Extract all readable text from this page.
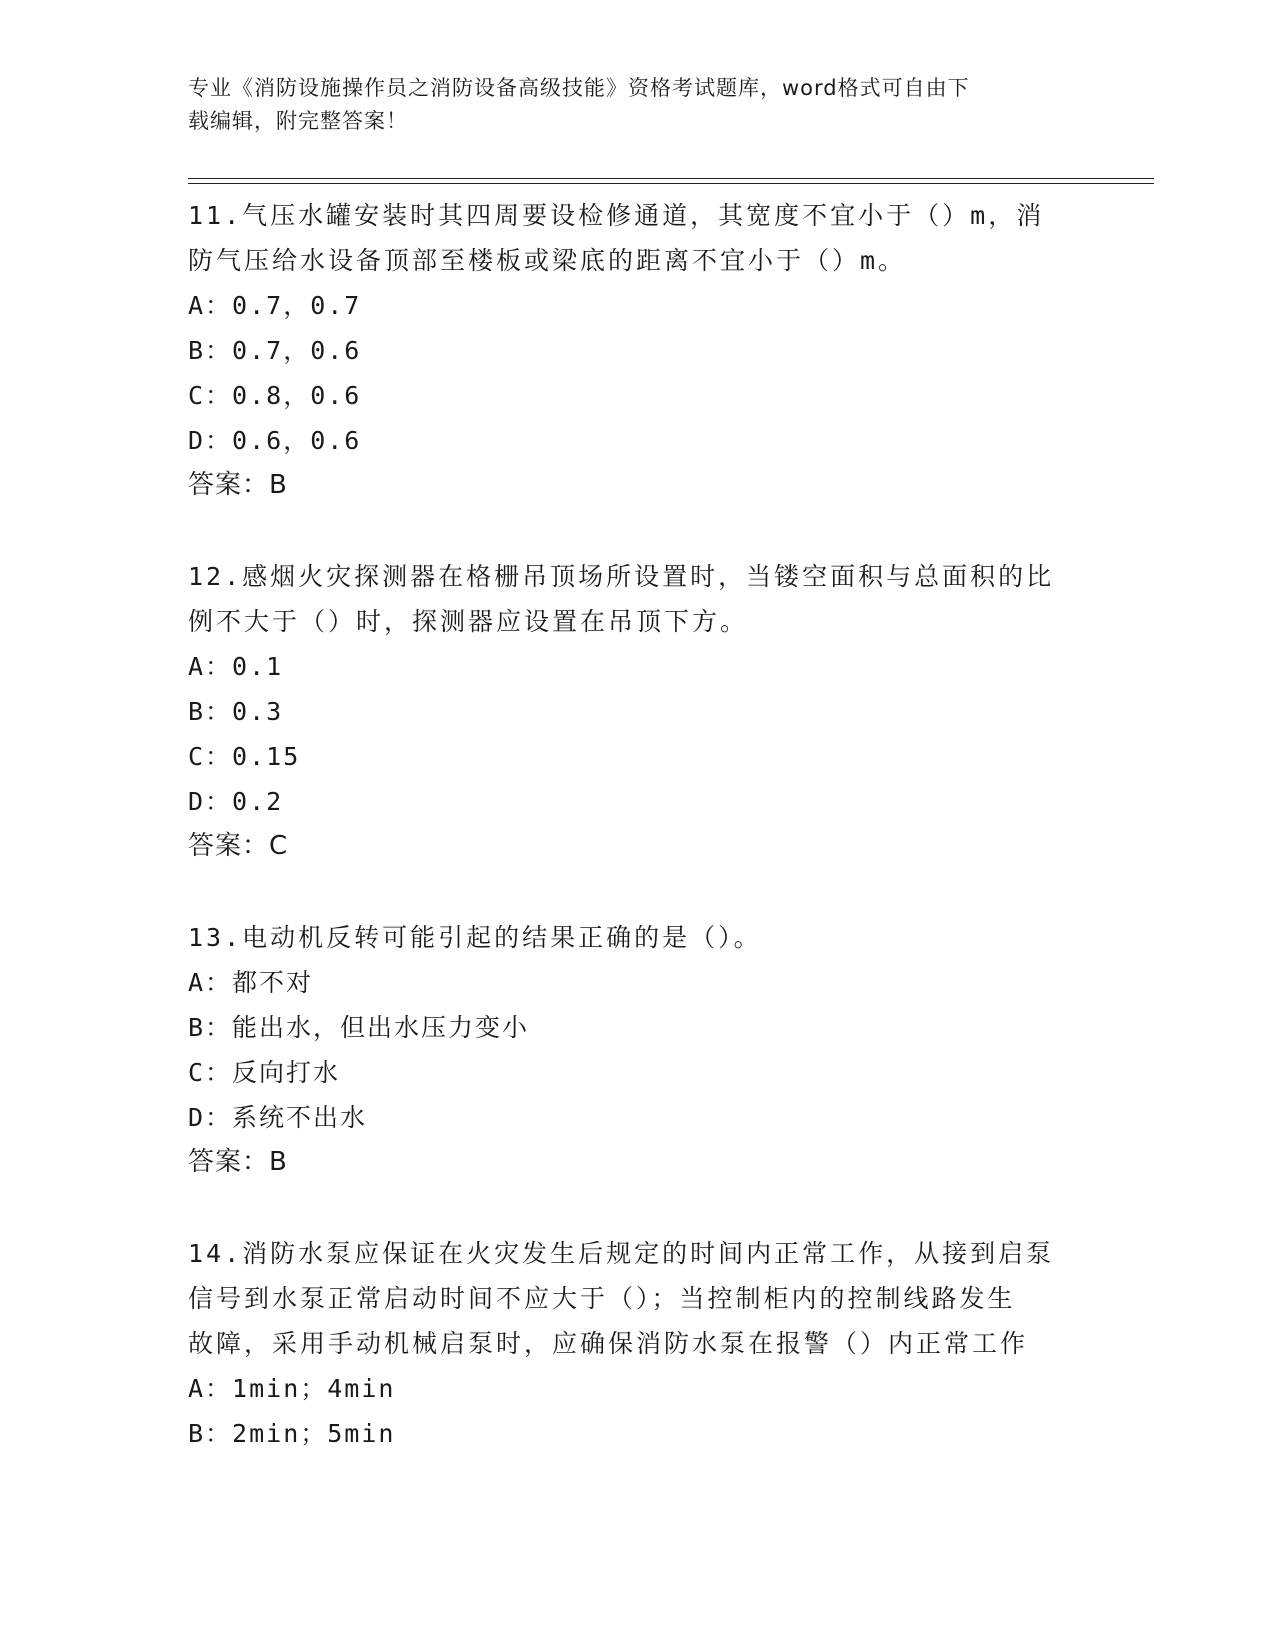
专业《消防设施操作员之消防设备高级技能》资格考试题库，word格式可自由下
载编辑，附完整答案！
11.气压水罐安装时其四周要设检修通道，其宽度不宜小于（）m，消
防气压给水设备顶部至楼板或梁底的距离不宜小于（）m。
A：0.7，0.7
B：0.7，0.6
C：0.8，0.6
D：0.6，0.6
答案：B
12.感烟火灾探测器在格栅吊顶场所设置时，当镂空面积与总面积的比
例不大于（）时，探测器应设置在吊顶下方。
A：0.1
B：0.3
C：0.15
D：0.2
答案：C
13.电动机反转可能引起的结果正确的是（）。
A：都不对
B：能出水，但出水压力变小
C：反向打水
D：系统不出水
答案：B
14.消防水泵应保证在火灾发生后规定的时间内正常工作，从接到启泵
信号到水泵正常启动时间不应大于（）；当控制柜内的控制线路发生
故障，采用手动机械启泵时，应确保消防水泵在报警（）内正常工作
A：1min；4min
B：2min；5min
